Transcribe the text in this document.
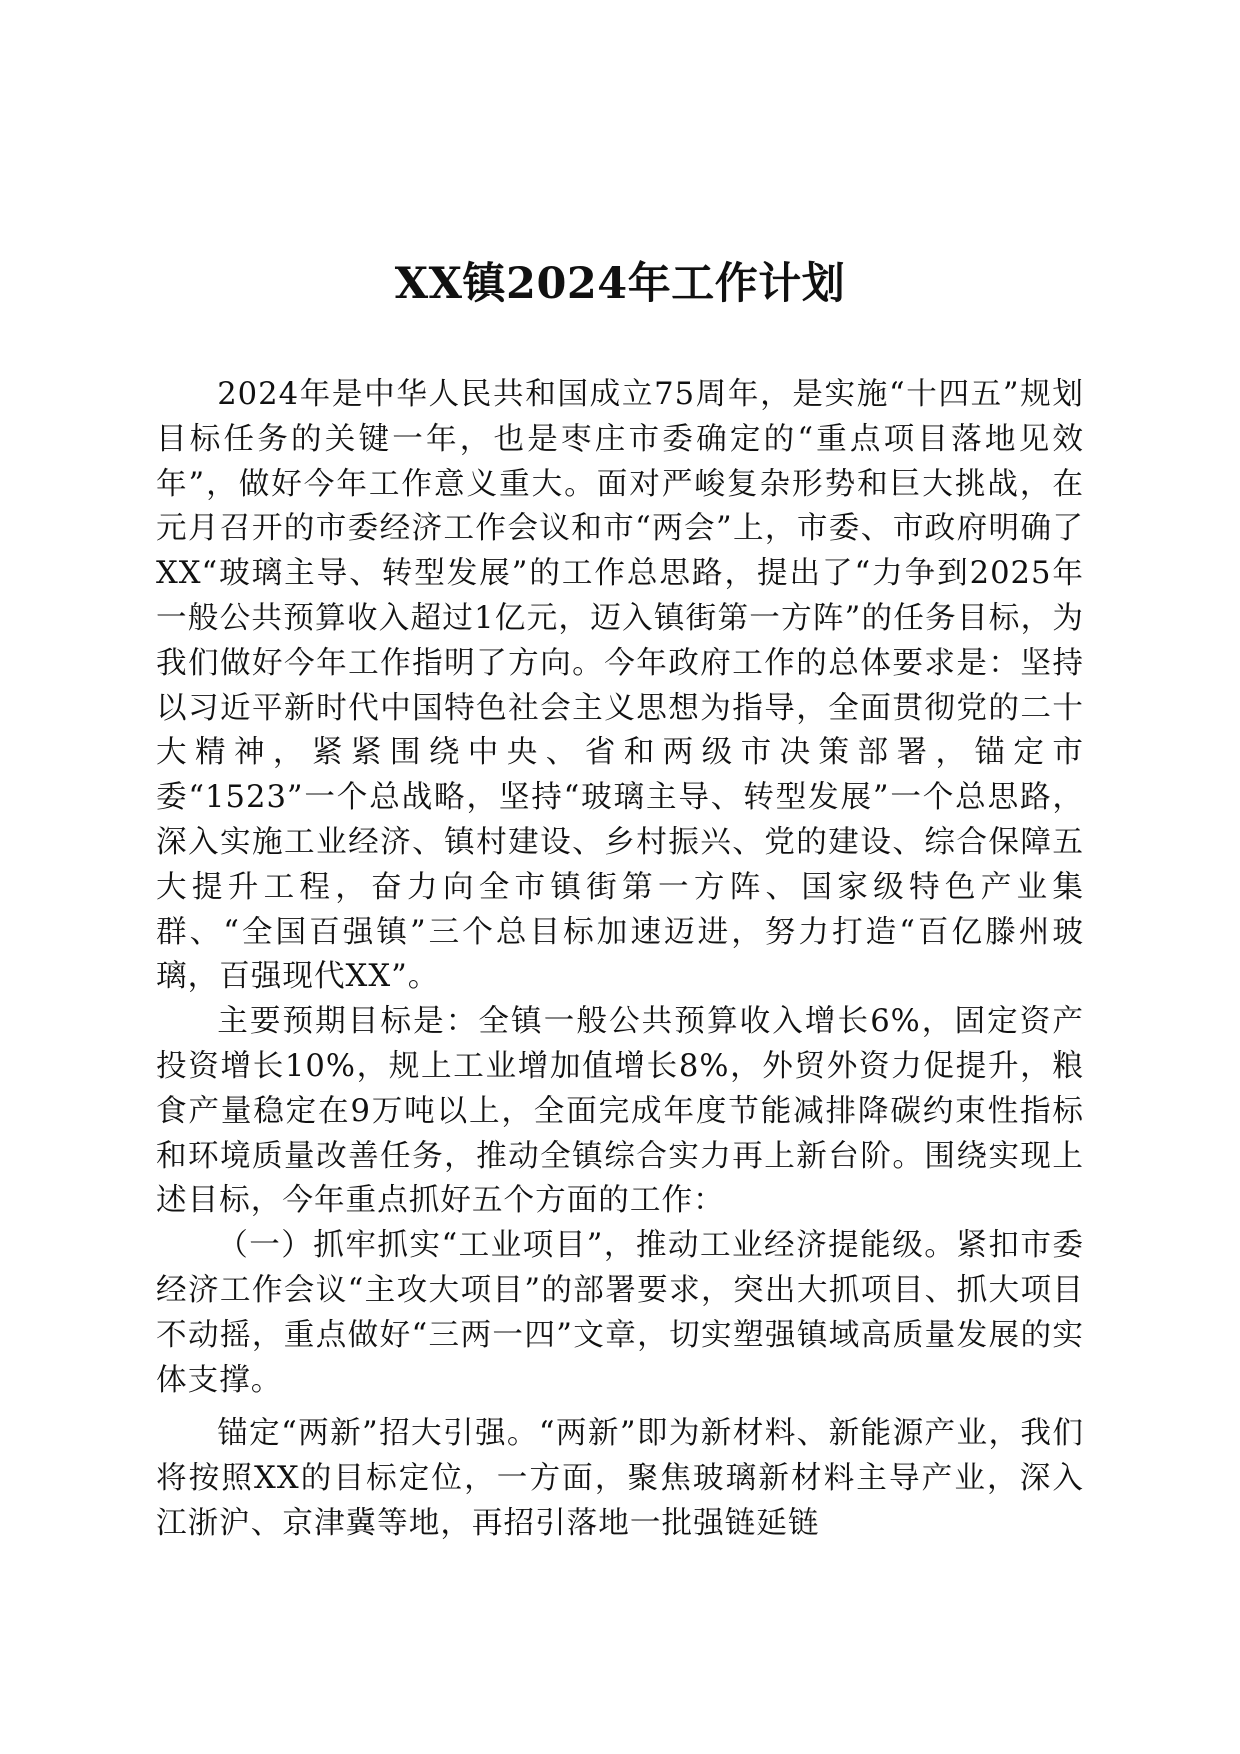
XX镇2024年工作计划

2024年是中华人民共和国成立75周年，是实施“十四五”规划目标任务的关键一年，也是枣庄市委确定的“重点项目落地见效年”，做好今年工作意义重大。面对严峻复杂形势和巨大挑战，在元月召开的市委经济工作会议和市“两会”上，市委、市政府明确了XX“玻璃主导、转型发展”的工作总思路，提出了“力争到2025年一般公共预算收入超过1亿元，迈入镇街第一方阵”的任务目标，为我们做好今年工作指明了方向。今年政府工作的总体要求是：坚持以习近平新时代中国特色社会主义思想为指导，全面贯彻党的二十大精神，紧紧围绕中央、省和两级市决策部署，锚定市委“1523”一个总战略，坚持“玻璃主导、转型发展”一个总思路，深入实施工业经济、镇村建设、乡村振兴、党的建设、综合保障五大提升工程，奋力向全市镇街第一方阵、国家级特色产业集群、“全国百强镇”三个总目标加速迈进，努力打造“百亿滕州玻璃，百强现代XX”。

主要预期目标是：全镇一般公共预算收入增长6%，固定资产投资增长10%，规上工业增加值增长8%，外贸外资力促提升，粮食产量稳定在9万吨以上，全面完成年度节能减排降碳约束性指标和环境质量改善任务，推动全镇综合实力再上新台阶。围绕实现上述目标，今年重点抓好五个方面的工作：

（一）抓牢抓实“工业项目”，推动工业经济提能级。紧扣市委经济工作会议“主攻大项目”的部署要求，突出大抓项目、抓大项目不动摇，重点做好“三两一四”文章，切实塑强镇域高质量发展的实体支撑。

锚定“两新”招大引强。“两新”即为新材料、新能源产业，我们将按照XX的目标定位，一方面，聚焦玻璃新材料主导产业，深入江浙沪、京津冀等地，再招引落地一批强链延链
